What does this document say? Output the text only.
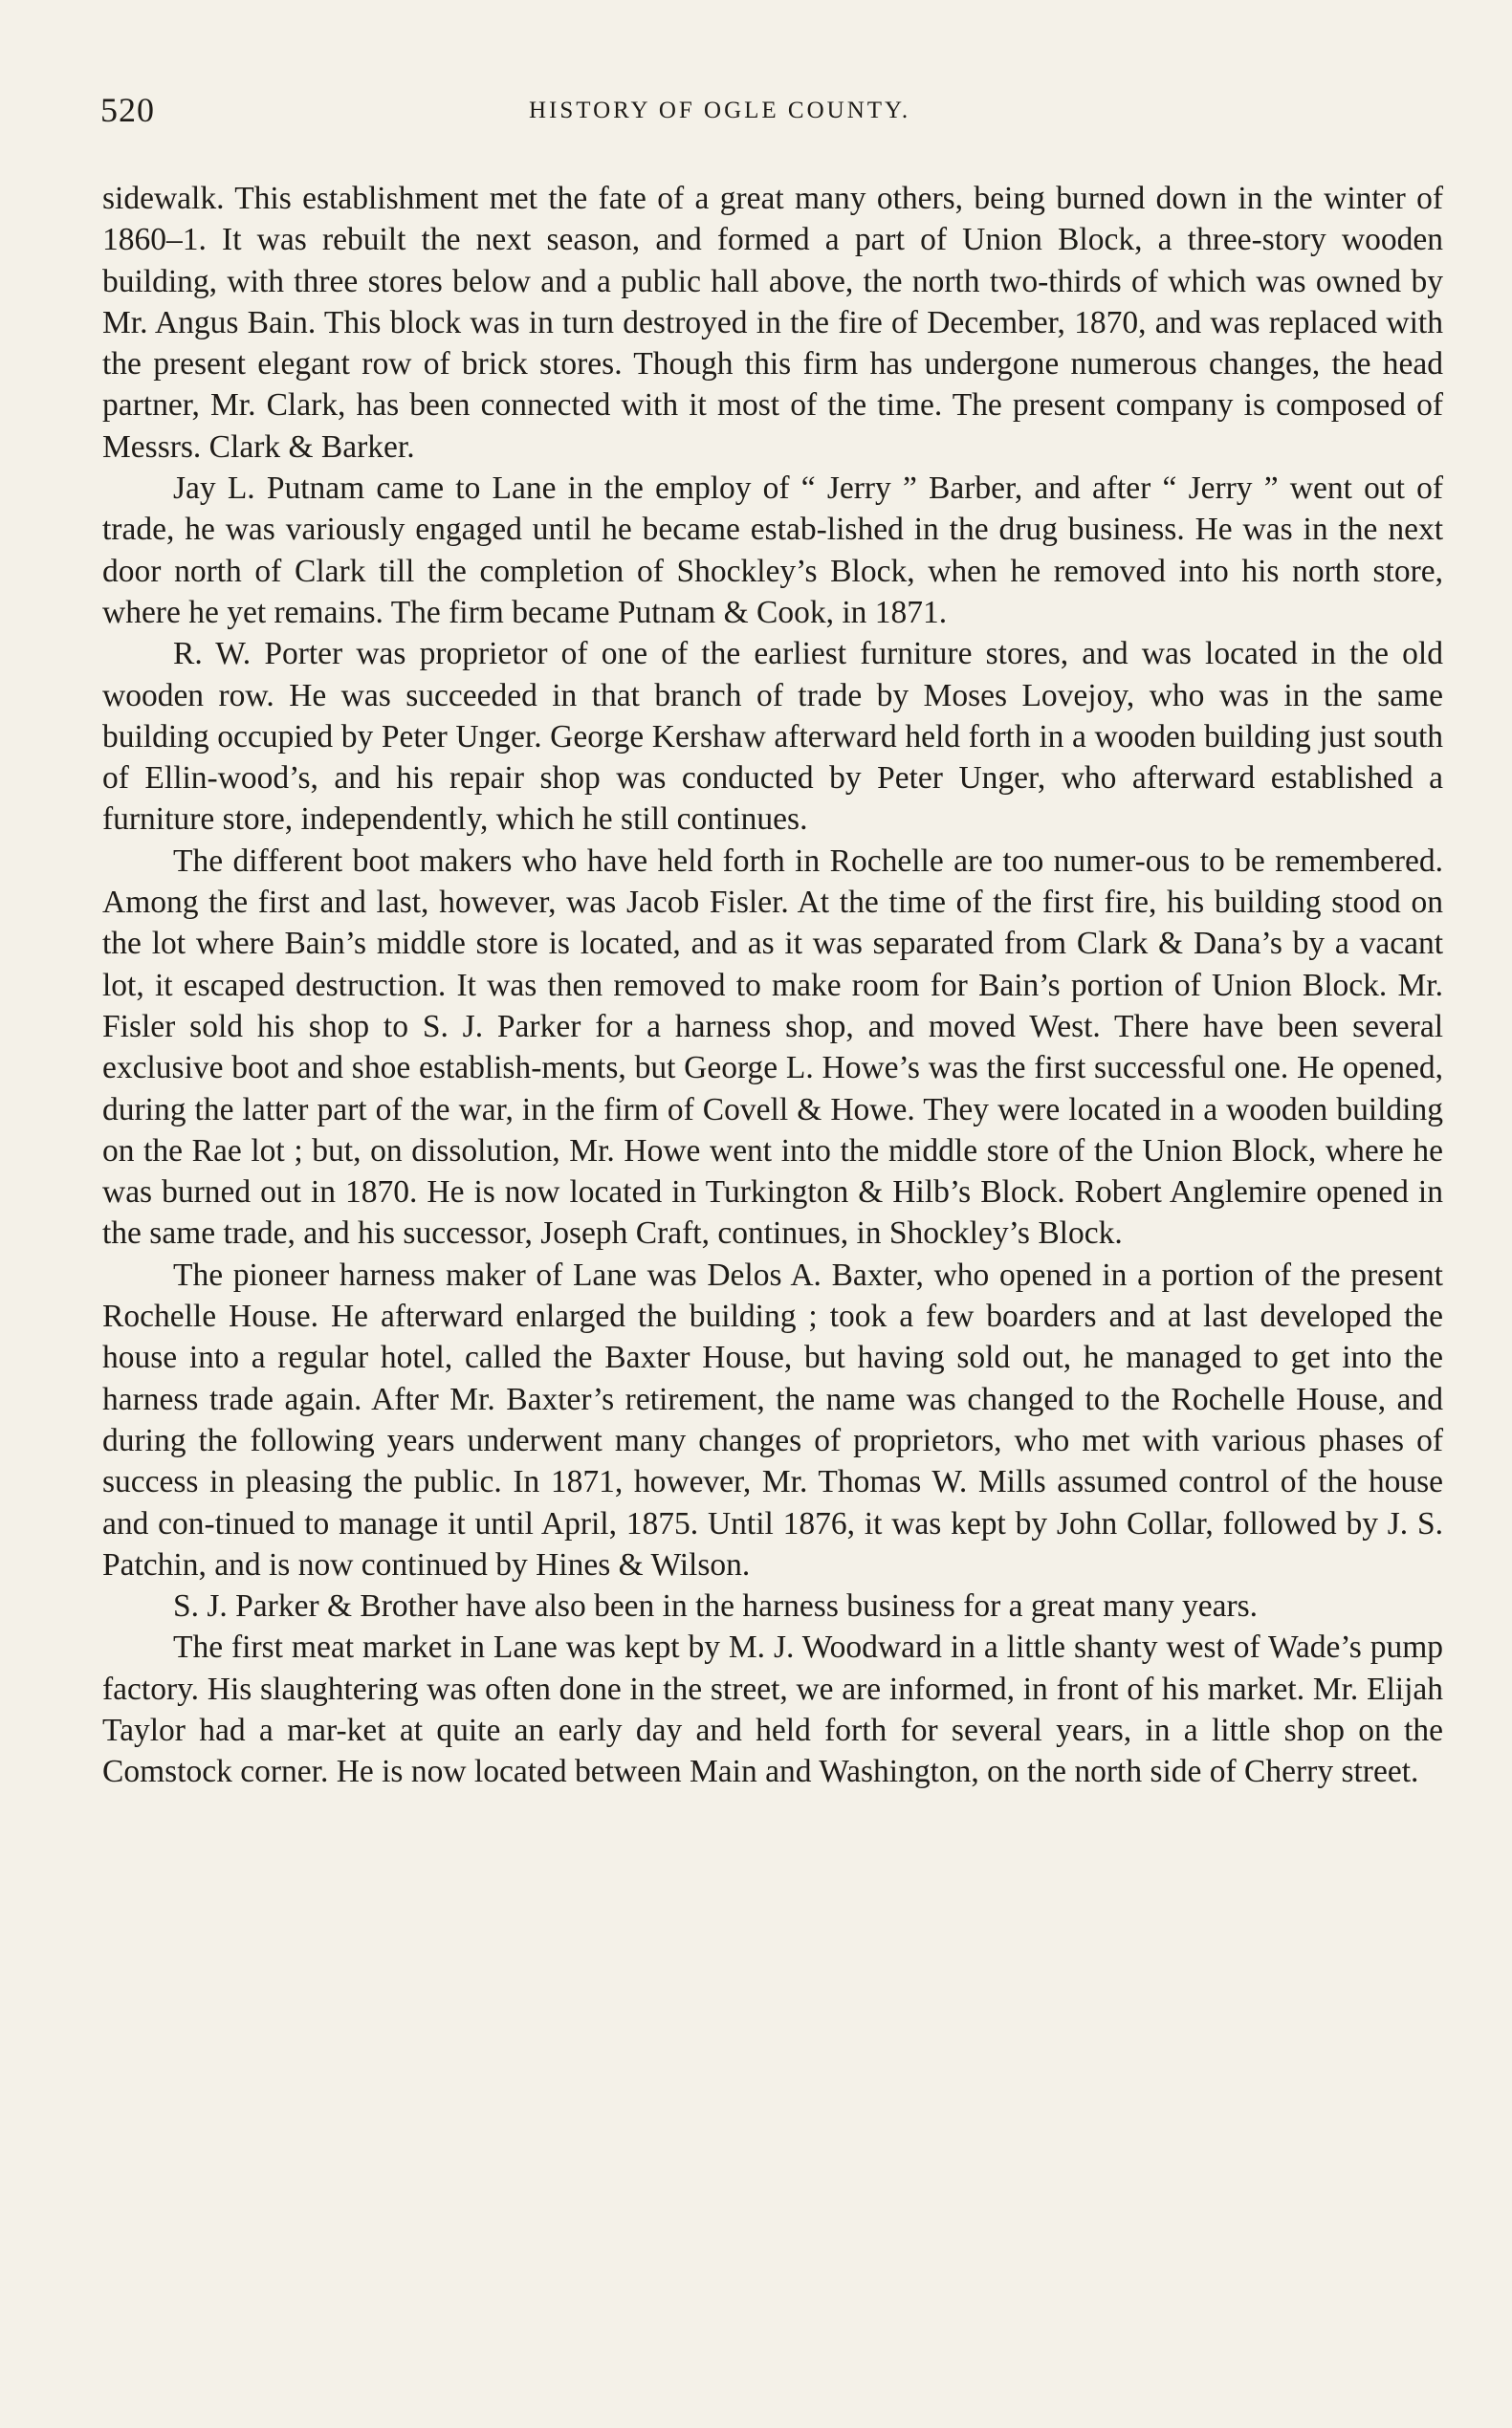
520	HISTORY OF OGLE COUNTY.

sidewalk. This establishment met the fate of a great many others, being burned down in the winter of 1860–1. It was rebuilt the next season, and formed a part of Union Block, a three-story wooden building, with three stores below and a public hall above, the north two-thirds of which was owned by Mr. Angus Bain. This block was in turn destroyed in the fire of December, 1870, and was replaced with the present elegant row of brick stores. Though this firm has undergone numerous changes, the head partner, Mr. Clark, has been connected with it most of the time. The present company is composed of Messrs. Clark & Barker.

Jay L. Putnam came to Lane in the employ of “ Jerry ” Barber, and after “ Jerry ” went out of trade, he was variously engaged until he became estab-lished in the drug business. He was in the next door north of Clark till the completion of Shockley’s Block, when he removed into his north store, where he yet remains. The firm became Putnam & Cook, in 1871.

R. W. Porter was proprietor of one of the earliest furniture stores, and was located in the old wooden row. He was succeeded in that branch of trade by Moses Lovejoy, who was in the same building occupied by Peter Unger. George Kershaw afterward held forth in a wooden building just south of Ellin-wood’s, and his repair shop was conducted by Peter Unger, who afterward established a furniture store, independently, which he still continues.

The different boot makers who have held forth in Rochelle are too numer-ous to be remembered. Among the first and last, however, was Jacob Fisler. At the time of the first fire, his building stood on the lot where Bain’s middle store is located, and as it was separated from Clark & Dana’s by a vacant lot, it escaped destruction. It was then removed to make room for Bain’s portion of Union Block. Mr. Fisler sold his shop to S. J. Parker for a harness shop, and moved West. There have been several exclusive boot and shoe establish-ments, but George L. Howe’s was the first successful one. He opened, during the latter part of the war, in the firm of Covell & Howe. They were located in a wooden building on the Rae lot ; but, on dissolution, Mr. Howe went into the middle store of the Union Block, where he was burned out in 1870. He is now located in Turkington & Hilb’s Block. Robert Anglemire opened in the same trade, and his successor, Joseph Craft, continues, in Shockley’s Block.

The pioneer harness maker of Lane was Delos A. Baxter, who opened in a portion of the present Rochelle House. He afterward enlarged the building ; took a few boarders and at last developed the house into a regular hotel, called the Baxter House, but having sold out, he managed to get into the harness trade again. After Mr. Baxter’s retirement, the name was changed to the Rochelle House, and during the following years underwent many changes of proprietors, who met with various phases of success in pleasing the public. In 1871, however, Mr. Thomas W. Mills assumed control of the house and con-tinued to manage it until April, 1875. Until 1876, it was kept by John Collar, followed by J. S. Patchin, and is now continued by Hines & Wilson.

S. J. Parker & Brother have also been in the harness business for a great many years.

The first meat market in Lane was kept by M. J. Woodward in a little shanty west of Wade’s pump factory. His slaughtering was often done in the street, we are informed, in front of his market. Mr. Elijah Taylor had a mar-ket at quite an early day and held forth for several years, in a little shop on the Comstock corner. He is now located between Main and Washington, on the north side of Cherry street.
